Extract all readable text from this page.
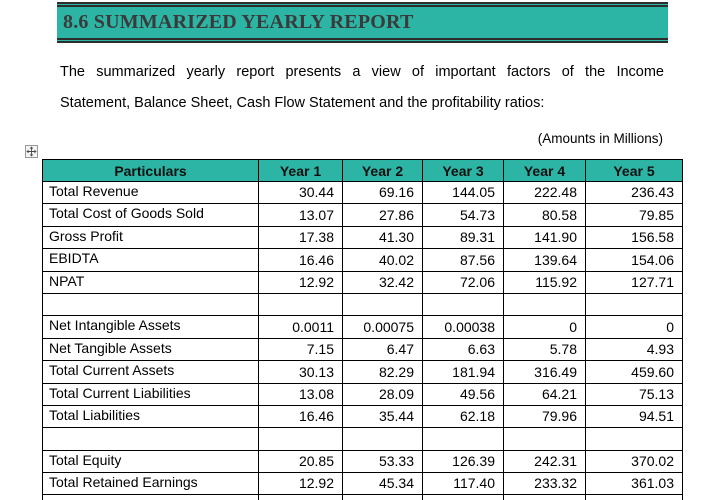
8.6 SUMMARIZED YEARLY REPORT
The summarized yearly report presents a view of important factors of the Income
Statement, Balance Sheet, Cash Flow Statement and the profitability ratios:
(Amounts in Millions)
Particulars	Year 1	Year 2	Year 3	Year 4	Year 5
Total Revenue	30.44	69.16	144.05	222.48	236.43
Total Cost of Goods Sold	13.07	27.86	54.73	80.58	79.85
Gross Profit	17.38	41.30	89.31	141.90	156.58
EBIDTA	16.46	40.02	87.56	139.64	154.06
NPAT	12.92	32.42	72.06	115.92	127.71

Net Intangible Assets	0.0011	0.00075	0.00038	0	0
Net Tangible Assets	7.15	6.47	6.63	5.78	4.93
Total Current Assets	30.13	82.29	181.94	316.49	459.60
Total Current Liabilities	13.08	28.09	49.56	64.21	75.13
Total Liabilities	16.46	35.44	62.18	79.96	94.51

Total Equity	20.85	53.33	126.39	242.31	370.02
Total Retained Earnings	12.92	45.34	117.40	233.32	361.03
